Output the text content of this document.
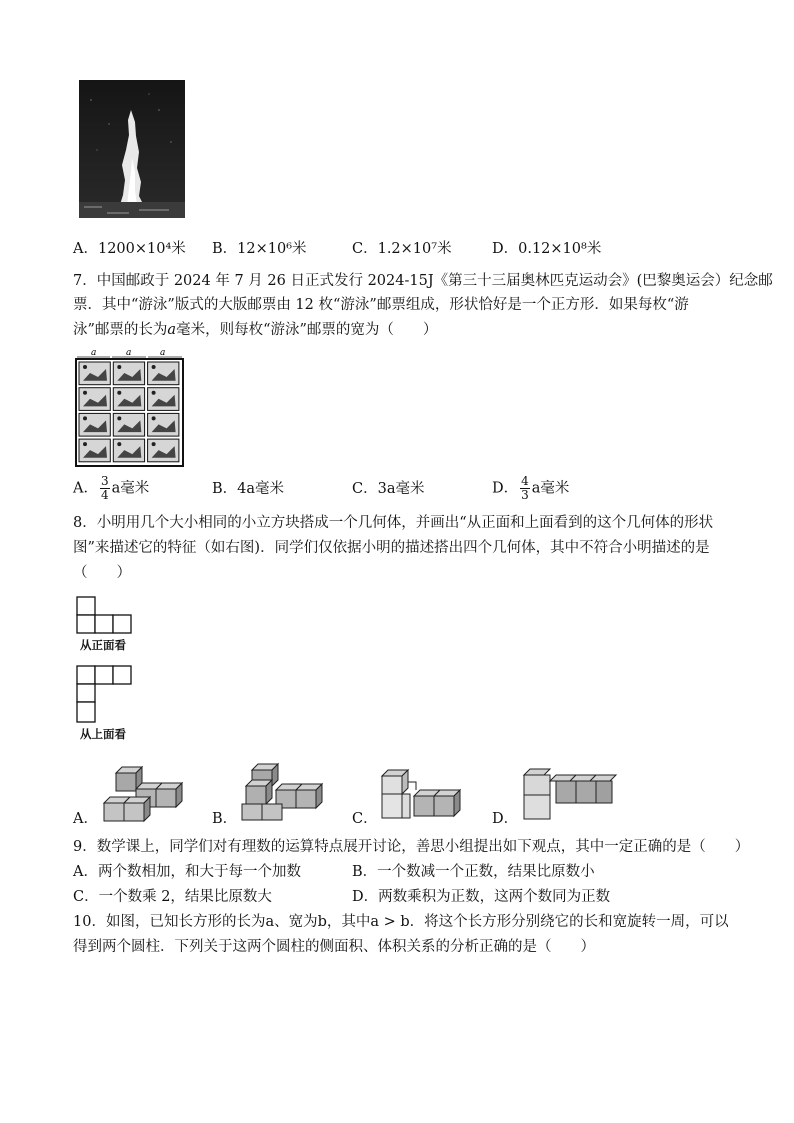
A．1200×10⁴米 B．12×10⁶米	C．1.2×10⁷米	D．0.12×10⁸米
7．中国邮政于 2024 年 7 月 26 日正式发行 2024-15J《第三十三届奥林匹克运动会》(巴黎奥运会）纪念邮
票．其中“游泳”版式的大版邮票由 12 枚“游泳”邮票组成，形状恰好是一个正方形．如果每枚“游
泳”邮票的长为a毫米，则每枚“游泳”邮票的宽为（　　）
a	a	a
A． $\frac{3}{4}$ a毫米	B．4a毫米	C．3a毫米	D． $\frac{4}{3}$ a毫米
8．小明用几个大小相同的小立方块搭成一个几何体，并画出“从正面和上面看到的这个几何体的形状
图”来描述它的特征（如右图)．同学们仅依据小明的描述搭出四个几何体，其中不符合小明描述的是
（　　）
从正面看
从上面看
A．	B．	C．	D．
9．数学课上，同学们对有理数的运算特点展开讨论，善思小组提出如下观点，其中一定正确的是（　　）
A．两个数相加，和大于每一个加数	B．一个数减一个正数，结果比原数小
C．一个数乘 2，结果比原数大	D．两数乘积为正数，这两个数同为正数
10．如图，已知长方形的长为a、宽为b，其中a > b．将这个长方形分别绕它的长和宽旋转一周，可以
得到两个圆柱．下列关于这两个圆柱的侧面积、体积关系的分析正确的是（　　）
